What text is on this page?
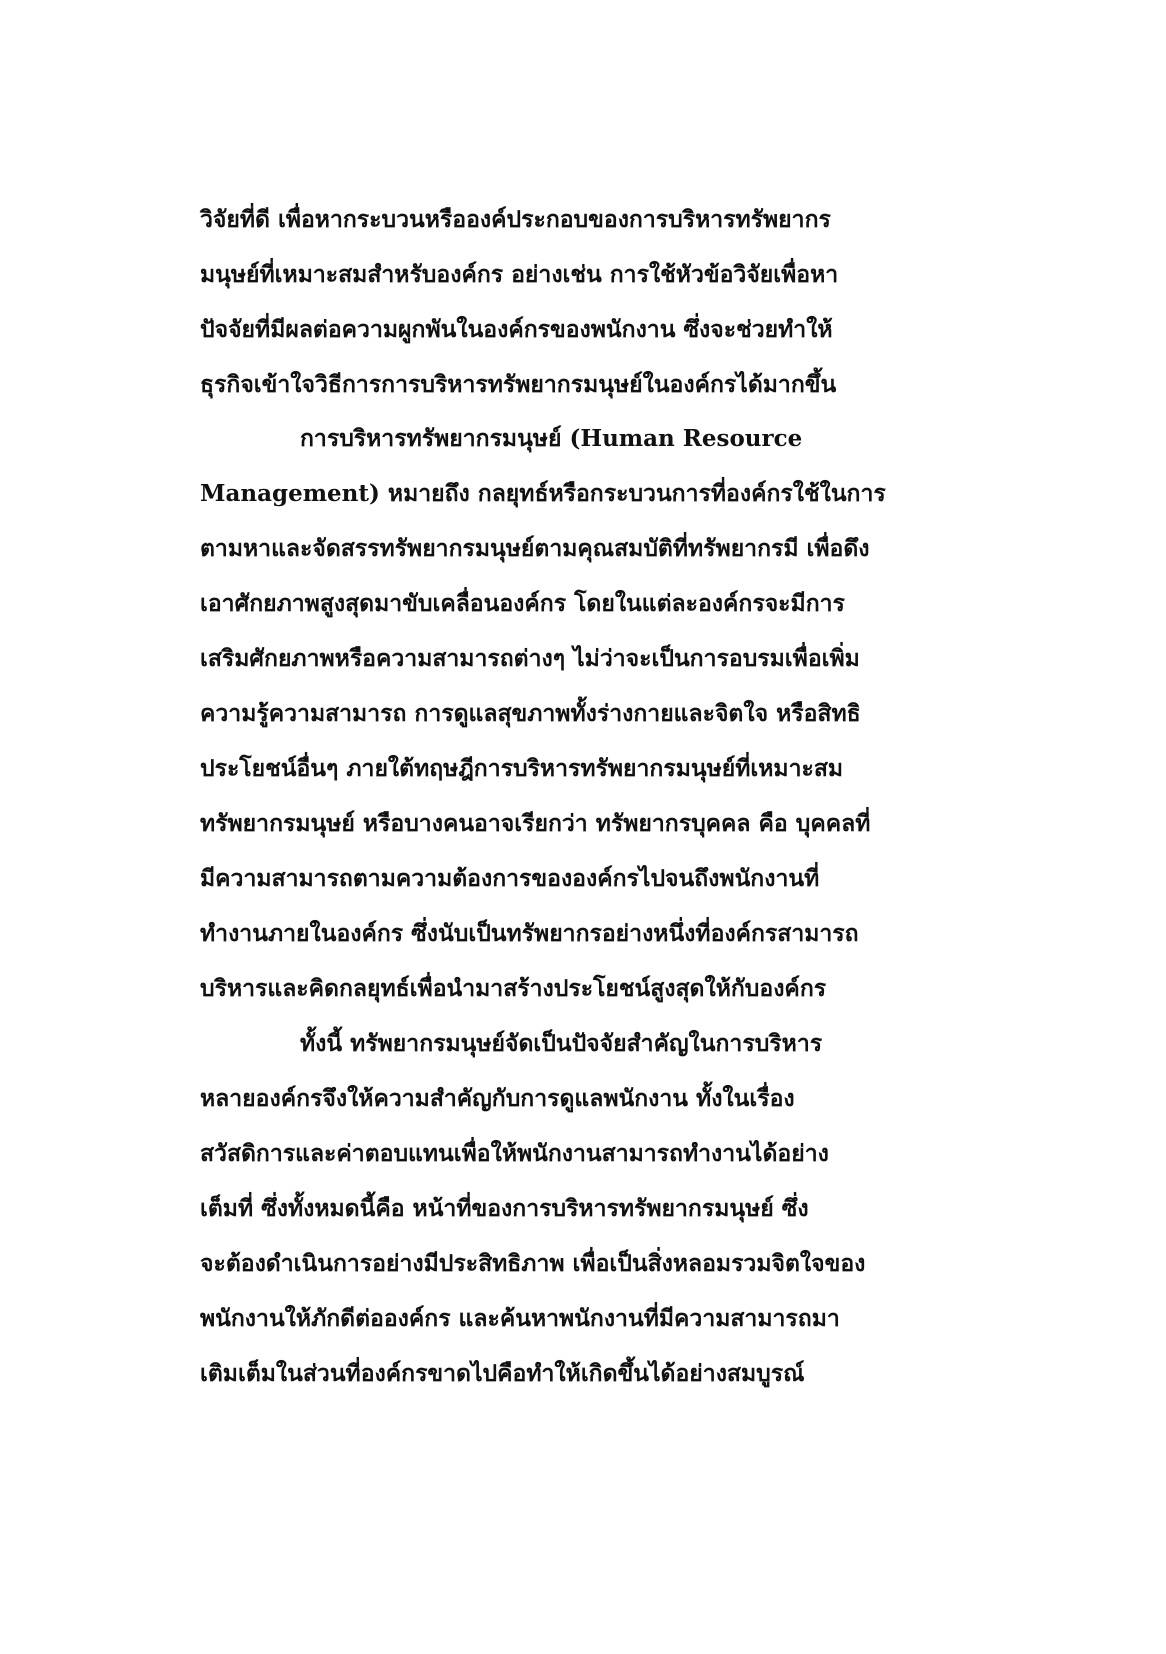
วิจัยที่ดี เพื่อหากระบวนหรือองค์ประกอบของการบริหารทรัพยากร

มนุษย์ที่เหมาะสมสำหรับองค์กร อย่างเช่น การใช้หัวข้อวิจัยเพื่อหา

ปัจจัยที่มีผลต่อความผูกพันในองค์กรของพนักงาน ซึ่งจะช่วยทำให้

ธุรกิจเข้าใจวิธีการการบริหารทรัพยากรมนุษย์ในองค์กรได้มากขึ้น

การบริหารทรัพยากรมนุษย์ (Human Resource

Management) หมายถึง กลยุทธ์หรือกระบวนการที่องค์กรใช้ในการ

ตามหาและจัดสรรทรัพยากรมนุษย์ตามคุณสมบัติที่ทรัพยากรมี เพื่อดึง

เอาศักยภาพสูงสุดมาขับเคลื่อนองค์กร โดยในแต่ละองค์กรจะมีการ

เสริมศักยภาพหรือความสามารถต่างๆ ไม่ว่าจะเป็นการอบรมเพื่อเพิ่ม

ความรู้ความสามารถ การดูแลสุขภาพทั้งร่างกายและจิตใจ หรือสิทธิ

ประโยชน์อื่นๆ ภายใต้ทฤษฎีการบริหารทรัพยากรมนุษย์ที่เหมาะสม

ทรัพยากรมนุษย์ หรือบางคนอาจเรียกว่า ทรัพยากรบุคคล คือ บุคคลที่

มีความสามารถตามความต้องการขององค์กรไปจนถึงพนักงานที่

ทำงานภายในองค์กร ซึ่งนับเป็นทรัพยากรอย่างหนึ่งที่องค์กรสามารถ

บริหารและคิดกลยุทธ์เพื่อนำมาสร้างประโยชน์สูงสุดให้กับองค์กร

ทั้งนี้ ทรัพยากรมนุษย์จัดเป็นปัจจัยสำคัญในการบริหาร

หลายองค์กรจึงให้ความสำคัญกับการดูแลพนักงาน ทั้งในเรื่อง

สวัสดิการและค่าตอบแทนเพื่อให้พนักงานสามารถทำงานได้อย่าง

เต็มที่ ซึ่งทั้งหมดนี้คือ หน้าที่ของการบริหารทรัพยากรมนุษย์ ซึ่ง

จะต้องดำเนินการอย่างมีประสิทธิภาพ เพื่อเป็นสิ่งหลอมรวมจิตใจของ

พนักงานให้ภักดีต่อองค์กร และค้นหาพนักงานที่มีความสามารถมา

เติมเต็มในส่วนที่องค์กรขาดไปคือทำให้เกิดขึ้นได้อย่างสมบูรณ์
